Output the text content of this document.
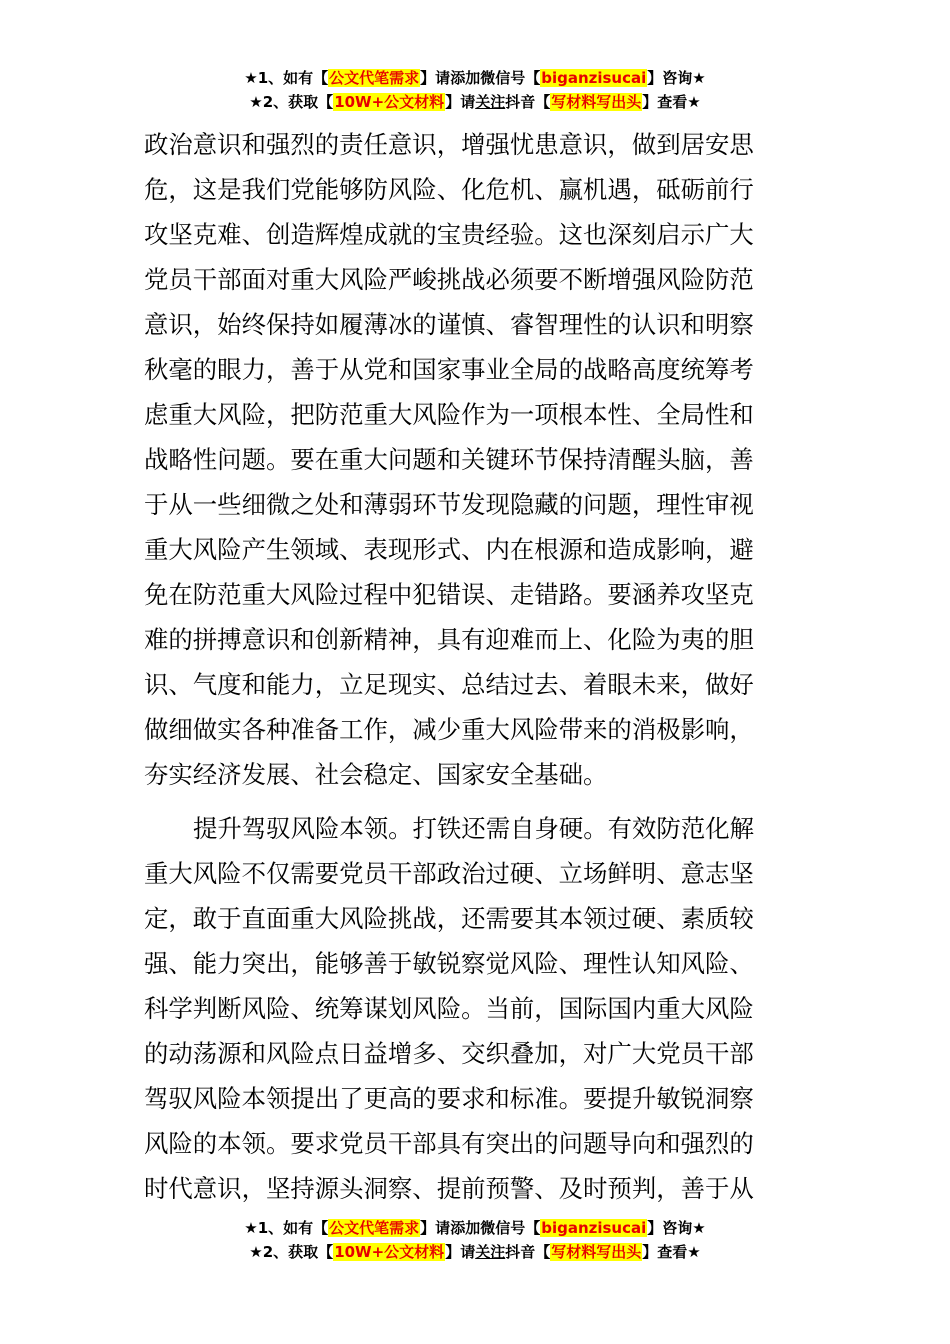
★1、如有【公文代笔需求】请添加微信号【biganzisucai】咨询★
★2、获取【10W+公文材料】请关注抖音【写材料写出头】查看★
政治意识和强烈的责任意识，增强忧患意识，做到居安思
危，这是我们党能够防风险、化危机、赢机遇，砥砺前行
攻坚克难、创造辉煌成就的宝贵经验。这也深刻启示广大
党员干部面对重大风险严峻挑战必须要不断增强风险防范
意识，始终保持如履薄冰的谨慎、睿智理性的认识和明察
秋毫的眼力，善于从党和国家事业全局的战略高度统筹考
虑重大风险，把防范重大风险作为一项根本性、全局性和
战略性问题。要在重大问题和关键环节保持清醒头脑，善
于从一些细微之处和薄弱环节发现隐藏的问题，理性审视
重大风险产生领域、表现形式、内在根源和造成影响，避
免在防范重大风险过程中犯错误、走错路。要涵养攻坚克
难的拼搏意识和创新精神，具有迎难而上、化险为夷的胆
识、气度和能力，立足现实、总结过去、着眼未来，做好
做细做实各种准备工作，减少重大风险带来的消极影响，
夯实经济发展、社会稳定、国家安全基础。
提升驾驭风险本领。打铁还需自身硬。有效防范化解
重大风险不仅需要党员干部政治过硬、立场鲜明、意志坚
定，敢于直面重大风险挑战，还需要其本领过硬、素质较
强、能力突出，能够善于敏锐察觉风险、理性认知风险、
科学判断风险、统筹谋划风险。当前，国际国内重大风险
的动荡源和风险点日益增多、交织叠加，对广大党员干部
驾驭风险本领提出了更高的要求和标准。要提升敏锐洞察
风险的本领。要求党员干部具有突出的问题导向和强烈的
时代意识，坚持源头洞察、提前预警、及时预判，善于从
★1、如有【公文代笔需求】请添加微信号【biganzisucai】咨询★
★2、获取【10W+公文材料】请关注抖音【写材料写出头】查看★
